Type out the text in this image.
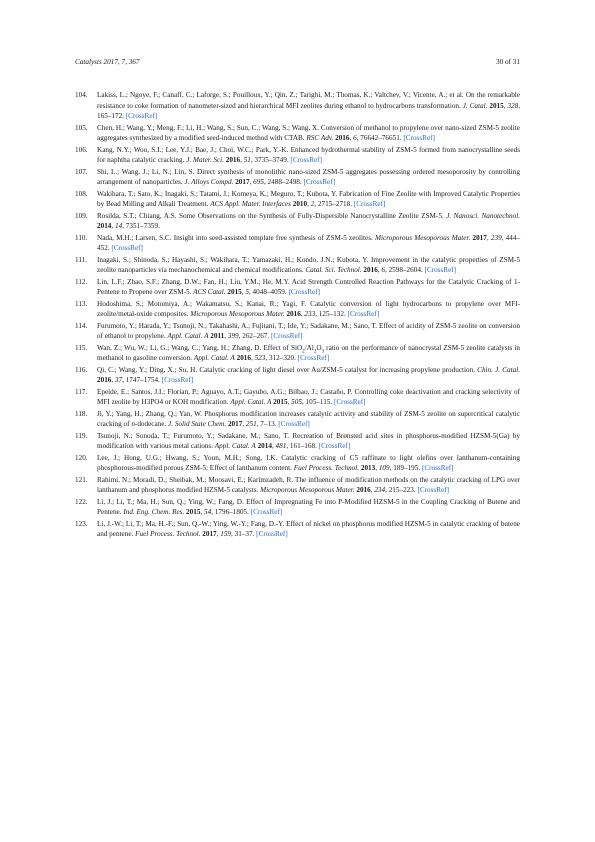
Catalysts 2017, 7, 367	30 of 31
104. Lakiss, L.; Ngoye, F.; Canaff, C.; Laforge, S.; Pouilloux, Y.; Qin, Z.; Tarighi, M.; Thomas, K.; Valtchev, V.; Vicente, A.; et al. On the remarkable resistance to coke formation of nanometer-sized and hierarchical MFI zeolites during ethanol to hydrocarbons transformation. J. Catal. 2015, 328, 165–172. [CrossRef]
105. Chen, H.; Wang, Y.; Meng, F.; Li, H.; Wang, S.; Sun, C.; Wang, S.; Wang, X. Conversion of methanol to propylene over nano-sized ZSM-5 zeolite aggregates synthesized by a modified seed-induced method with CTAB. RSC Adv. 2016, 6, 76642–76651. [CrossRef]
106. Kang, N.Y.; Woo, S.I.; Lee, Y.J.; Bae, J.; Choi, W.C.; Park, Y.-K. Enhanced hydrothermal stability of ZSM-5 formed from nanocrystalline seeds for naphtha catalytic cracking. J. Mater. Sci. 2016, 51, 3735–3749. [CrossRef]
107. Shi, L.; Wang, J.; Li, N.; Lin, S. Direct synthesis of monolithic nano-sized ZSM-5 aggregates possessing ordered mesoporosity by controlling arrangement of nanoparticles. J. Alloys Compd. 2017, 695, 2488–2498. [CrossRef]
108. Wakihara, T.; Sato, K.; Inagaki, S.; Tatami, J.; Komeya, K.; Meguro, T.; Kubota, Y. Fabrication of Fine Zeolite with Improved Catalytic Properties by Bead Milling and Alkali Treatment. ACS Appl. Mater. Interfaces 2010, 2, 2715–2718. [CrossRef]
109. Rosilda, S.T.; Chiang, A.S. Some Observations on the Synthesis of Fully-Dispersible Nanocrystalline Zeolite ZSM-5. J. Nanosci. Nanotechnol. 2014, 14, 7351–7359.
110. Nada, M.H.; Larsen, S.C. Insight into seed-assisted template free synthesis of ZSM-5 zeolites. Microporous Mesoporous Mater. 2017, 239, 444–452. [CrossRef]
111. Inagaki, S.; Shinoda, S.; Hayashi, S.; Wakihara, T.; Yamazaki, H.; Kondo, J.N.; Kubota, Y. Improvement in the catalytic properties of ZSM-5 zeolite nanoparticles via mechanochemical and chemical modifications. Catal. Sci. Technol. 2016, 6, 2598–2604. [CrossRef]
112. Lin, L.F.; Zhao, S.F.; Zhang, D.W.; Fan, H.; Liu, Y.M.; He, M.Y. Acid Strength Controlled Reaction Pathways for the Catalytic Cracking of 1-Pentene to Propene over ZSM-5. ACS Catal. 2015, 5, 4048–4059. [CrossRef]
113. Hodoshima, S.; Motomiya, A.; Wakamatsu, S.; Kanai, R.; Yagi, F. Catalytic conversion of light hydrocarbons to propylene over MFI-zeolite/metal-oxide composites. Microporous Mesoporous Mater. 2016, 233, 125–132. [CrossRef]
114. Furumoto, Y.; Harada, Y.; Tsunoji, N.; Takahashi, A.; Fujitani, T.; Ide, Y.; Sadakane, M.; Sano, T. Effect of acidity of ZSM-5 zeolite on conversion of ethanol to propylene. Appl. Catal. A 2011, 399, 262–267. [CrossRef]
115. Wan, Z.; Wu, W.; Li, G.; Wang, C.; Yang, H.; Zhang, D. Effect of $SiO_2/Al_2O_3$ ratio on the performance of nanocrystal ZSM-5 zeolite catalysts in methanol to gasoline conversion. Appl. Catal. A 2016, 523, 312–320. [CrossRef]
116. Qi, C.; Wang, Y.; Ding, X.; Su, H. Catalytic cracking of light diesel over Au/ZSM-5 catalyst for increasing propylene production. Chin. J. Catal. 2016, 37, 1747–1754. [CrossRef]
117. Epelde, E.; Santos, J.I.; Florian, P.; Aguayo, A.T.; Gayubo, A.G.; Bilbao, J.; Castaño, P. Controlling coke deactivation and cracking selectivity of MFI zeolite by H3PO4 or KOH modification. Appl. Catal. A 2015, 505, 105–115. [CrossRef]
118. Ji, Y.; Yang, H.; Zhang, Q.; Yan, W. Phosphorus modification increases catalytic activity and stability of ZSM-5 zeolite on supercritical catalytic cracking of n-dodecane. J. Solid State Chem. 2017, 251, 7–13. [CrossRef]
119. Tsunoji, N.; Sonoda, T.; Furumoto, Y.; Sadakane, M.; Sano, T. Recreation of Brønsted acid sites in phosphorus-modified HZSM-5(Ga) by modification with various metal cations. Appl. Catal. A 2014, 481, 161–168. [CrossRef]
120. Lee, J.; Hong, U.G.; Hwang, S.; Youn, M.H.; Song, I.K. Catalytic cracking of C5 raffinate to light olefins over lanthanum-containing phosphorous-modified porous ZSM-5: Effect of lanthanum content. Fuel Process. Technol. 2013, 109, 189–195. [CrossRef]
121. Rahimi, N.; Moradi, D.; Sheibak, M.; Moosavi, E.; Karimzadeh, R. The influence of modification methods on the catalytic cracking of LPG over lanthanum and phosphorus modified HZSM-5 catalysts. Microporous Mesoporous Mater. 2016, 234, 215–223. [CrossRef]
122. Li, J.; Li, T.; Ma, H.; Sun, Q.; Ying, W.; Fang, D. Effect of Impregnating Fe into P-Modified HZSM-5 in the Coupling Cracking of Butene and Pentene. Ind. Eng. Chem. Res. 2015, 54, 1796–1805. [CrossRef]
123. Li, J.-W.; Li, T.; Ma, H.-F.; Sun, Q.-W.; Ying, W.-Y.; Fang, D.-Y. Effect of nickel on phosphorus modified HZSM-5 in catalytic cracking of butene and pentene. Fuel Process. Technol. 2017, 159, 31–37. [CrossRef]
